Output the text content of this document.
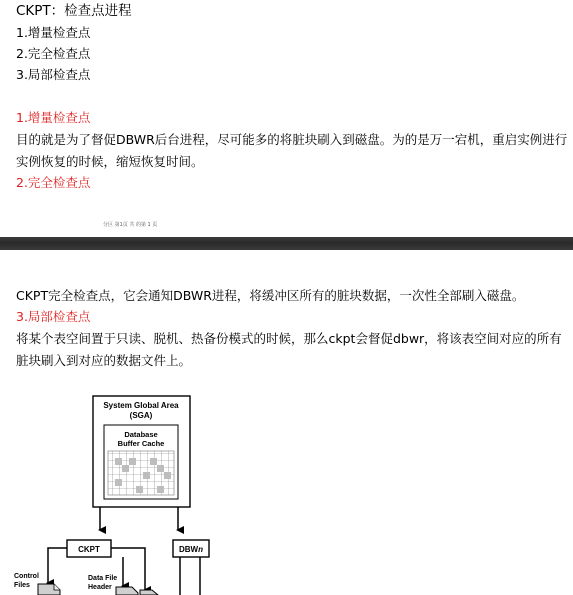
CKPT：检查点进程
1.增量检查点
2.完全检查点
3.局部检查点
1.增量检查点
目的就是为了督促DBWR后台进程，尽可能多的将脏块刷入到磁盘。为的是万一宕机，重启实例进行
实例恢复的时候，缩短恢复时间。
2.完全检查点
分区 第1页 共 的第 1 页
CKPT完全检查点，它会通知DBWR进程，将缓冲区所有的脏块数据，一次性全部刷入磁盘。
3.局部检查点
将某个表空间置于只读、脱机、热备份模式的时候，那么ckpt会督促dbwr，将该表空间对应的所有
脏块刷入到对应的数据文件上。
System Global Area
(SGA)
Database
Buffer Cache
CKPT	DBWn
Control
Files
Data File
Header
